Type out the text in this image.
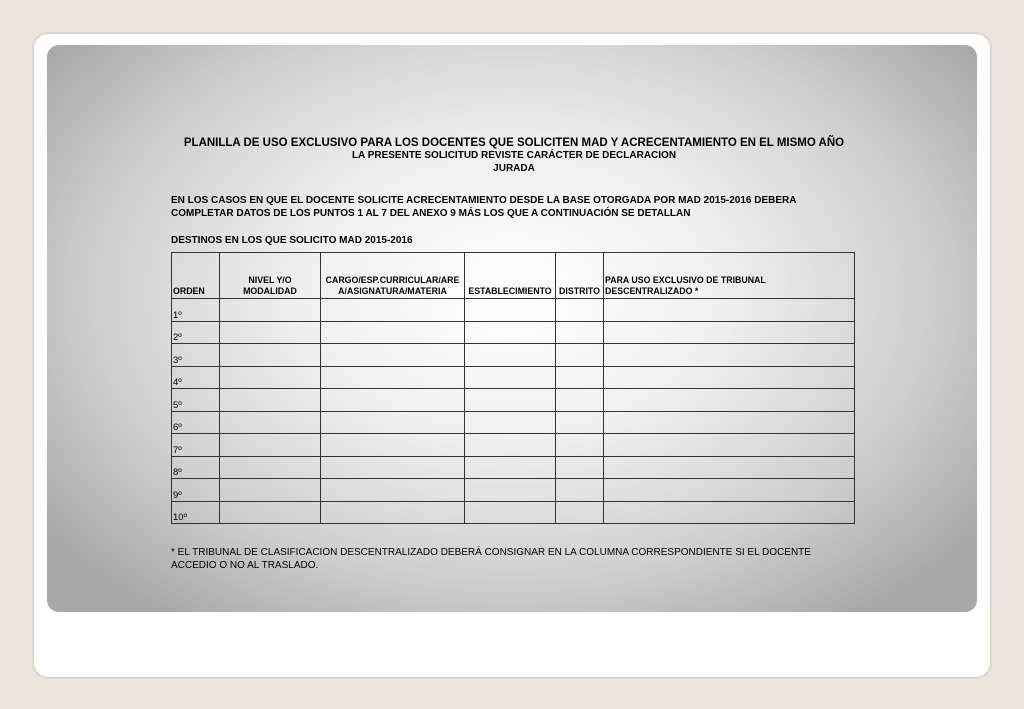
PLANILLA DE USO EXCLUSIVO PARA LOS DOCENTES QUE SOLICITEN MAD Y ACRECENTAMIENTO EN EL MISMO AÑO

LA PRESENTE SOLICITUD REVISTE CARÁCTER DE DECLARACION

JURADA

EN LOS CASOS EN QUE EL DOCENTE SOLICITE ACRECENTAMIENTO DESDE LA BASE OTORGADA POR MAD 2015-2016 DEBERA COMPLETAR DATOS DE LOS PUNTOS 1 AL 7 DEL ANEXO 9 MÁS LOS QUE A CONTINUACIÓN SE DETALLAN

DESTINOS EN LOS QUE SOLICITO MAD 2015-2016

ORDEN	NIVEL Y/O MODALIDAD	CARGO/ESP.CURRICULAR/AREA/ASIGNATURA/MATERIA	ESTABLECIMIENTO	DISTRITO	PARA USO EXCLUSIVO DE TRIBUNAL DESCENTRALIZADO *
1º					
2º					
3º					
4º					
5º					
6º					
7º					
8º					
9º					
10º					

* EL TRIBUNAL DE CLASIFICACION DESCENTRALIZADO DEBERÁ CONSIGNAR EN LA COLUMNA CORRESPONDIENTE SI EL DOCENTE ACCEDIO O NO AL TRASLADO.
